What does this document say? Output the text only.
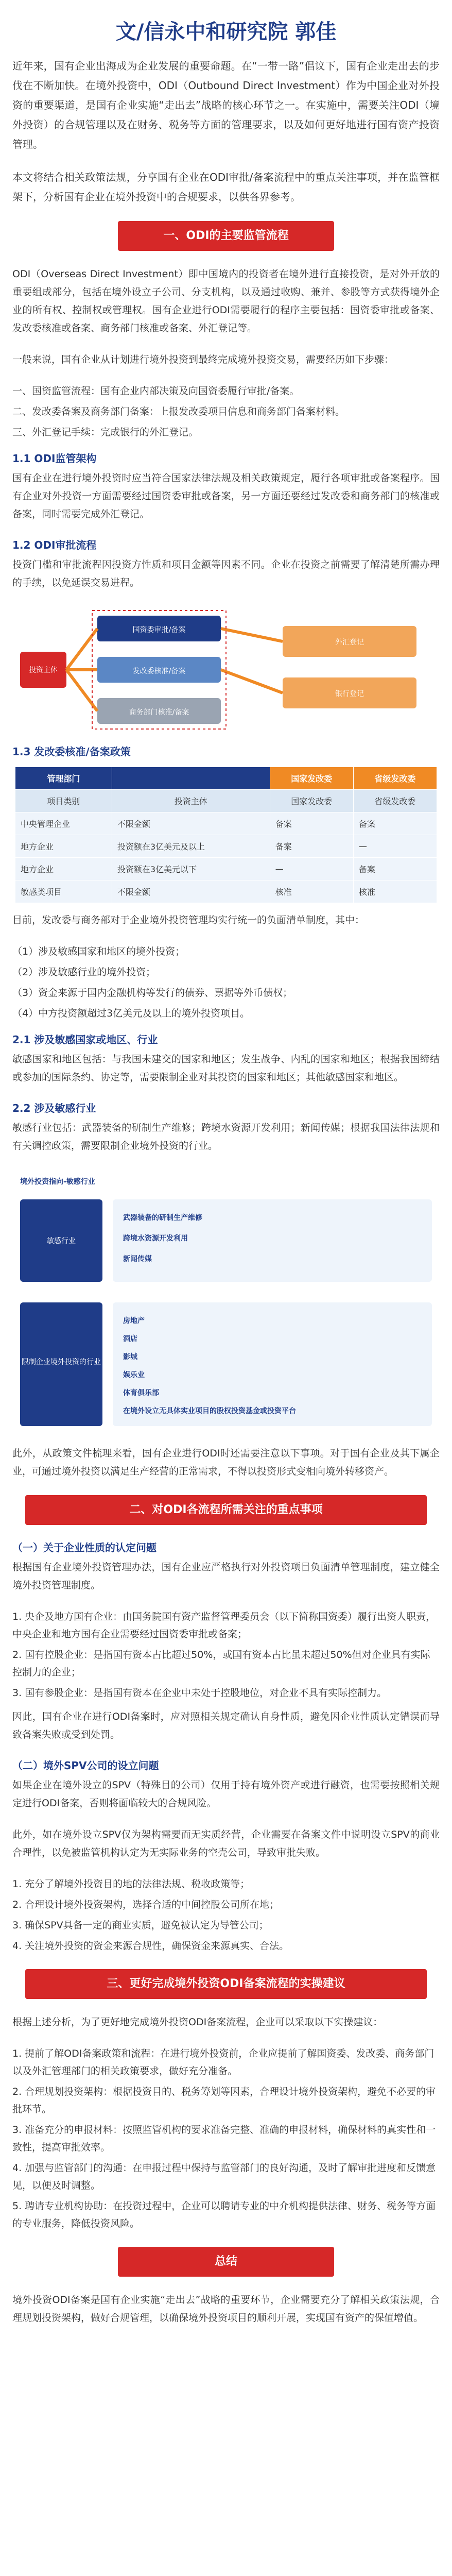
文/信永中和研究院 郭佳
近年来，国有企业出海成为企业发展的重要命题。在“一带一路”倡议下，国有企业走出去的步伐在不断加快。在境外投资中，ODI（Outbound Direct Investment）作为中国企业对外投资的重要渠道，是国有企业实施“走出去”战略的核心环节之一。在实施中，需要关注ODI（境外投资）的合规管理以及在财务、税务等方面的管理要求，以及如何更好地进行国有资产投资管理。
本文将结合相关政策法规，分享国有企业在ODI审批/备案流程中的重点关注事项，并在监管框架下，分析国有企业在境外投资中的合规要求，以供各界参考。
一、ODI的主要监管流程
ODI（Overseas Direct Investment）即中国境内的投资者在境外进行直接投资，是对外开放的重要组成部分，包括在境外设立子公司、分支机构，以及通过收购、兼并、参股等方式获得境外企业的所有权、控制权或管理权。国有企业进行ODI需要履行的程序主要包括：国资委审批或备案、发改委核准或备案、商务部门核准或备案、外汇登记等。
一般来说，国有企业从计划进行境外投资到最终完成境外投资交易，需要经历如下步骤：
一、国资监管流程：国有企业内部决策及向国资委履行审批/备案。
二、发改委备案及商务部门备案：上报发改委项目信息和商务部门备案材料。
三、外汇登记手续：完成银行的外汇登记。
1.1 ODI监管架构
国有企业在进行境外投资时应当符合国家法律法规及相关政策规定，履行各项审批或备案程序。国有企业对外投资一方面需要经过国资委审批或备案，另一方面还要经过发改委和商务部门的核准或备案，同时需要完成外汇登记。
1.2 ODI审批流程
投资门槛和审批流程因投资方性质和项目金额等因素不同。企业在投资之前需要了解清楚所需办理的手续，以免延误交易进程。
投资主体
国资委审批/备案
发改委核准/备案
商务部门核准/备案
外汇登记
银行登记
1.3 发改委核准/备案政策
管理部门		国家发改委	省级发改委
项目类别	投资主体	国家发改委	省级发改委
中央管理企业	不限金额	备案	备案
地方企业	投资额在3亿美元及以上	备案	—
地方企业	投资额在3亿美元以下	—	备案
敏感类项目	不限金额	核准	核准
目前，发改委与商务部对于企业境外投资管理均实行统一的负面清单制度，其中：
（1）涉及敏感国家和地区的境外投资；
（2）涉及敏感行业的境外投资；
（3）资金来源于国内金融机构等发行的债券、票据等外币债权；
（4）中方投资额超过3亿美元及以上的境外投资项目。
2.1 涉及敏感国家或地区、行业
敏感国家和地区包括：与我国未建交的国家和地区；发生战争、内乱的国家和地区；根据我国缔结或参加的国际条约、协定等，需要限制企业对其投资的国家和地区；其他敏感国家和地区。
2.2 涉及敏感行业
敏感行业包括：武器装备的研制生产维修；跨境水资源开发利用；新闻传媒；根据我国法律法规和有关调控政策，需要限制企业境外投资的行业。
境外投资指向-敏感行业
敏感行业
武器装备的研制生产维修
跨境水资源开发利用
新闻传媒
限制企业境外投资的行业
房地产
酒店
影城
娱乐业
体育俱乐部
在境外设立无具体实业项目的股权投资基金或投资平台
此外，从政策文件梳理来看，国有企业进行ODI时还需要注意以下事项。对于国有企业及其下属企业，可通过境外投资以满足生产经营的正常需求，不得以投资形式变相向境外转移资产。
二、对ODI各流程所需关注的重点事项
（一）关于企业性质的认定问题
根据国有企业境外投资管理办法，国有企业应严格执行对外投资项目负面清单管理制度，建立健全境外投资管理制度。
1. 央企及地方国有企业：由国务院国有资产监督管理委员会（以下简称国资委）履行出资人职责，中央企业和地方国有企业需要经过国资委审批或备案；
2. 国有控股企业：是指国有资本占比超过50%，或国有资本占比虽未超过50%但对企业具有实际控制力的企业；
3. 国有参股企业：是指国有资本在企业中未处于控股地位，对企业不具有实际控制力。
因此，国有企业在进行ODI备案时，应对照相关规定确认自身性质，避免因企业性质认定错误而导致备案失败或受到处罚。
（二）境外SPV公司的设立问题
如果企业在境外设立的SPV（特殊目的公司）仅用于持有境外资产或进行融资，也需要按照相关规定进行ODI备案，否则将面临较大的合规风险。
此外，如在境外设立SPV仅为架构需要而无实质经营，企业需要在备案文件中说明设立SPV的商业合理性，以免被监管机构认定为无实际业务的空壳公司，导致审批失败。
1. 充分了解境外投资目的地的法律法规、税收政策等；
2. 合理设计境外投资架构，选择合适的中间控股公司所在地；
3. 确保SPV具备一定的商业实质，避免被认定为导管公司；
4. 关注境外投资的资金来源合规性，确保资金来源真实、合法。
三、更好完成境外投资ODI备案流程的实操建议
根据上述分析，为了更好地完成境外投资ODI备案流程，企业可以采取以下实操建议：
1. 提前了解ODI备案政策和流程：在进行境外投资前，企业应提前了解国资委、发改委、商务部门以及外汇管理部门的相关政策要求，做好充分准备。
2. 合理规划投资架构：根据投资目的、税务筹划等因素，合理设计境外投资架构，避免不必要的审批环节。
3. 准备充分的申报材料：按照监管机构的要求准备完整、准确的申报材料，确保材料的真实性和一致性，提高审批效率。
4. 加强与监管部门的沟通：在申报过程中保持与监管部门的良好沟通，及时了解审批进度和反馈意见，以便及时调整。
5. 聘请专业机构协助：在投资过程中，企业可以聘请专业的中介机构提供法律、财务、税务等方面的专业服务，降低投资风险。
总结
境外投资ODI备案是国有企业实施“走出去”战略的重要环节，企业需要充分了解相关政策法规，合理规划投资架构，做好合规管理，以确保境外投资项目的顺利开展，实现国有资产的保值增值。
